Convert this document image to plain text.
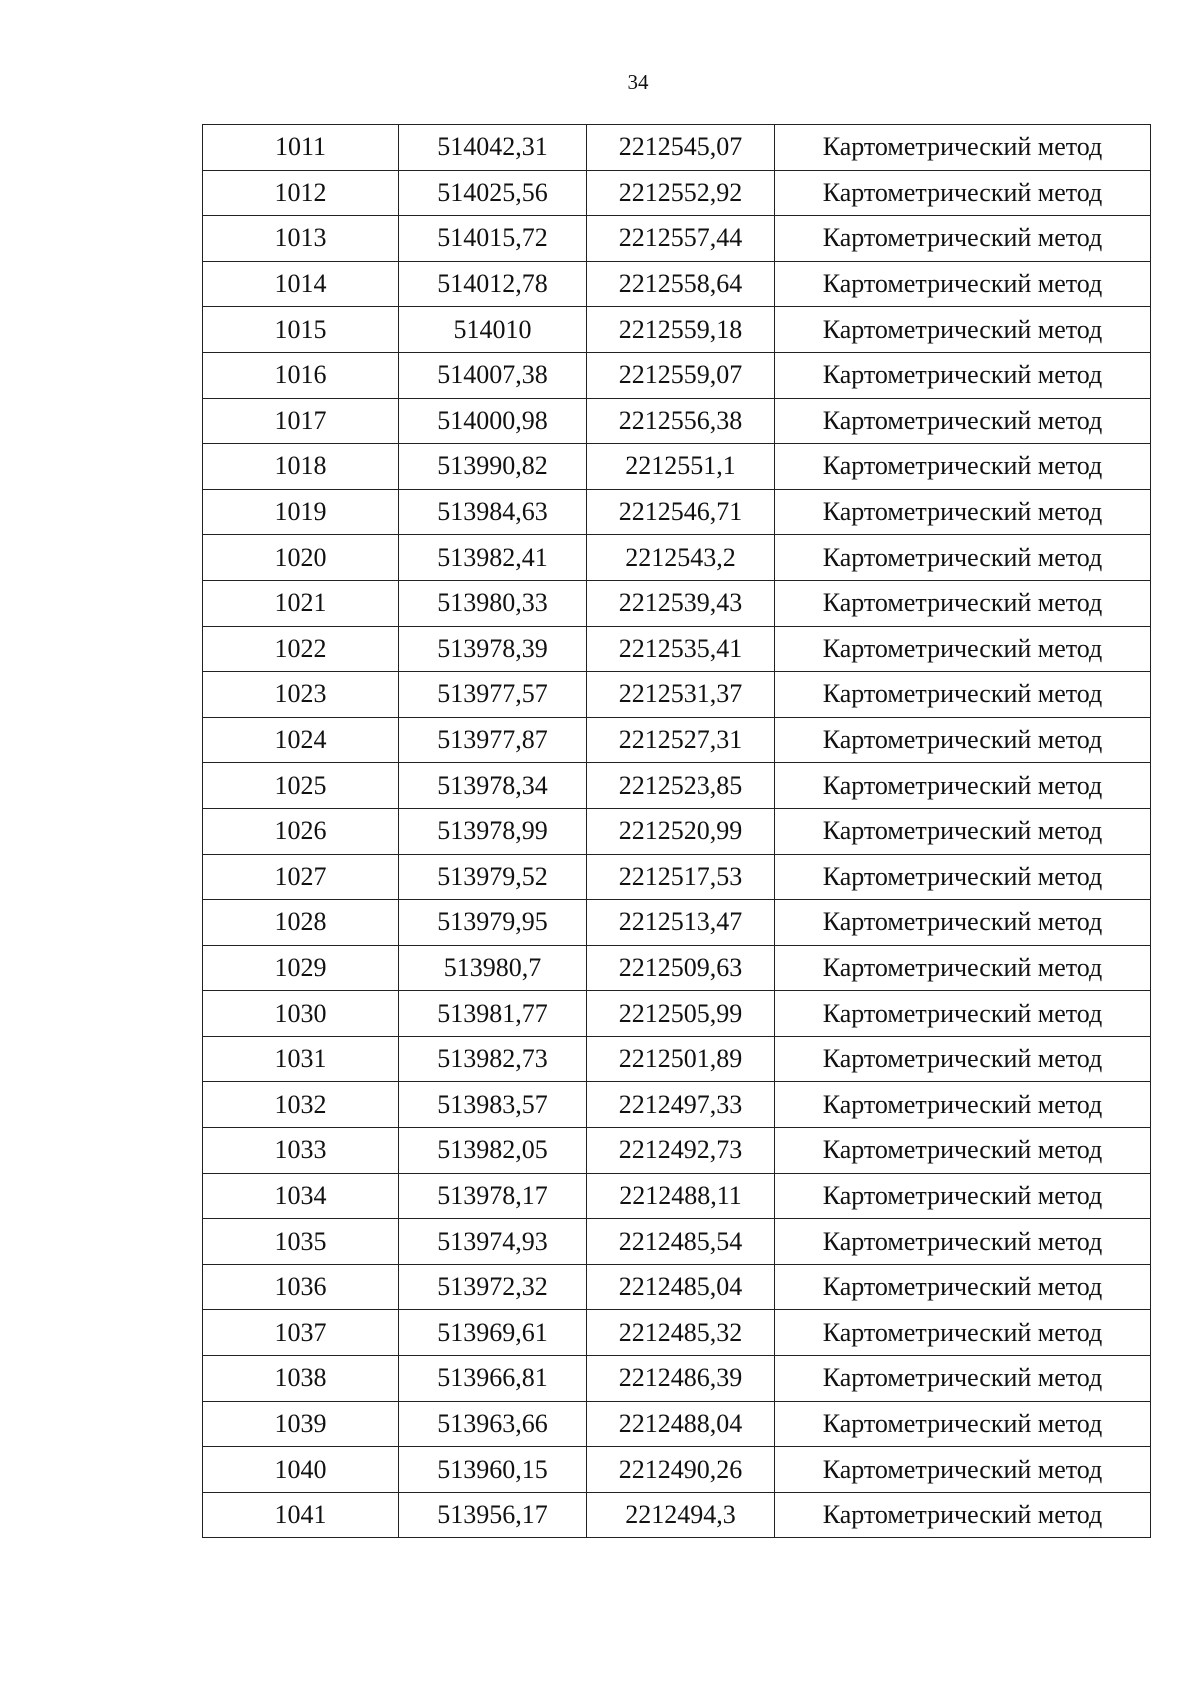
34
1011	514042,31	2212545,07	Картометрический метод
1012	514025,56	2212552,92	Картометрический метод
1013	514015,72	2212557,44	Картометрический метод
1014	514012,78	2212558,64	Картометрический метод
1015	514010	2212559,18	Картометрический метод
1016	514007,38	2212559,07	Картометрический метод
1017	514000,98	2212556,38	Картометрический метод
1018	513990,82	2212551,1	Картометрический метод
1019	513984,63	2212546,71	Картометрический метод
1020	513982,41	2212543,2	Картометрический метод
1021	513980,33	2212539,43	Картометрический метод
1022	513978,39	2212535,41	Картометрический метод
1023	513977,57	2212531,37	Картометрический метод
1024	513977,87	2212527,31	Картометрический метод
1025	513978,34	2212523,85	Картометрический метод
1026	513978,99	2212520,99	Картометрический метод
1027	513979,52	2212517,53	Картометрический метод
1028	513979,95	2212513,47	Картометрический метод
1029	513980,7	2212509,63	Картометрический метод
1030	513981,77	2212505,99	Картометрический метод
1031	513982,73	2212501,89	Картометрический метод
1032	513983,57	2212497,33	Картометрический метод
1033	513982,05	2212492,73	Картометрический метод
1034	513978,17	2212488,11	Картометрический метод
1035	513974,93	2212485,54	Картометрический метод
1036	513972,32	2212485,04	Картометрический метод
1037	513969,61	2212485,32	Картометрический метод
1038	513966,81	2212486,39	Картометрический метод
1039	513963,66	2212488,04	Картометрический метод
1040	513960,15	2212490,26	Картометрический метод
1041	513956,17	2212494,3	Картометрический метод
